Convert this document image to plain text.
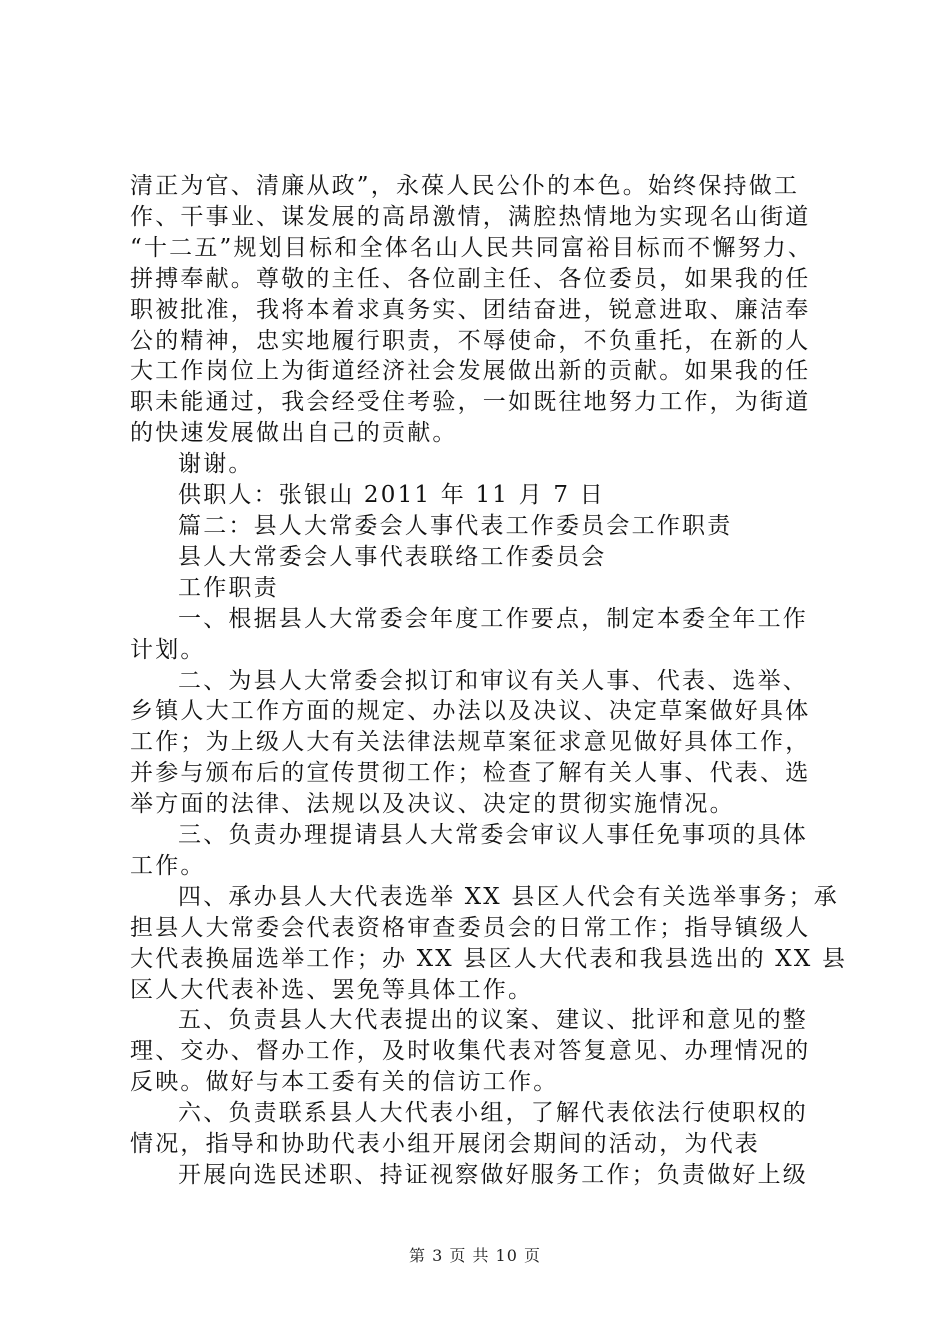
清正为官、清廉从政”，永葆人民公仆的本色。始终保持做工
作、干事业、谋发展的高昂激情，满腔热情地为实现名山街道
“十二五”规划目标和全体名山人民共同富裕目标而不懈努力、
拼搏奉献。尊敬的主任、各位副主任、各位委员，如果我的任
职被批准，我将本着求真务实、团结奋进，锐意进取、廉洁奉
公的精神，忠实地履行职责，不辱使命，不负重托，在新的人
大工作岗位上为街道经济社会发展做出新的贡献。如果我的任
职未能通过，我会经受住考验，一如既往地努力工作，为街道
的快速发展做出自己的贡献。
谢谢。
供职人：张银山 2011 年 11 月 7 日
篇二：县人大常委会人事代表工作委员会工作职责
县人大常委会人事代表联络工作委员会
工作职责
一、根据县人大常委会年度工作要点，制定本委全年工作
计划。
二、为县人大常委会拟订和审议有关人事、代表、选举、
乡镇人大工作方面的规定、办法以及决议、决定草案做好具体
工作；为上级人大有关法律法规草案征求意见做好具体工作，
并参与颁布后的宣传贯彻工作；检查了解有关人事、代表、选
举方面的法律、法规以及决议、决定的贯彻实施情况。
三、负责办理提请县人大常委会审议人事任免事项的具体
工作。
四、承办县人大代表选举 XX 县区人代会有关选举事务；承
担县人大常委会代表资格审查委员会的日常工作；指导镇级人
大代表换届选举工作；办 XX 县区人大代表和我县选出的 XX 县
区人大代表补选、罢免等具体工作。
五、负责县人大代表提出的议案、建议、批评和意见的整
理、交办、督办工作，及时收集代表对答复意见、办理情况的
反映。做好与本工委有关的信访工作。
六、负责联系县人大代表小组，了解代表依法行使职权的
情况，指导和协助代表小组开展闭会期间的活动，为代表
开展向选民述职、持证视察做好服务工作；负责做好上级
第 3 页 共 10 页
